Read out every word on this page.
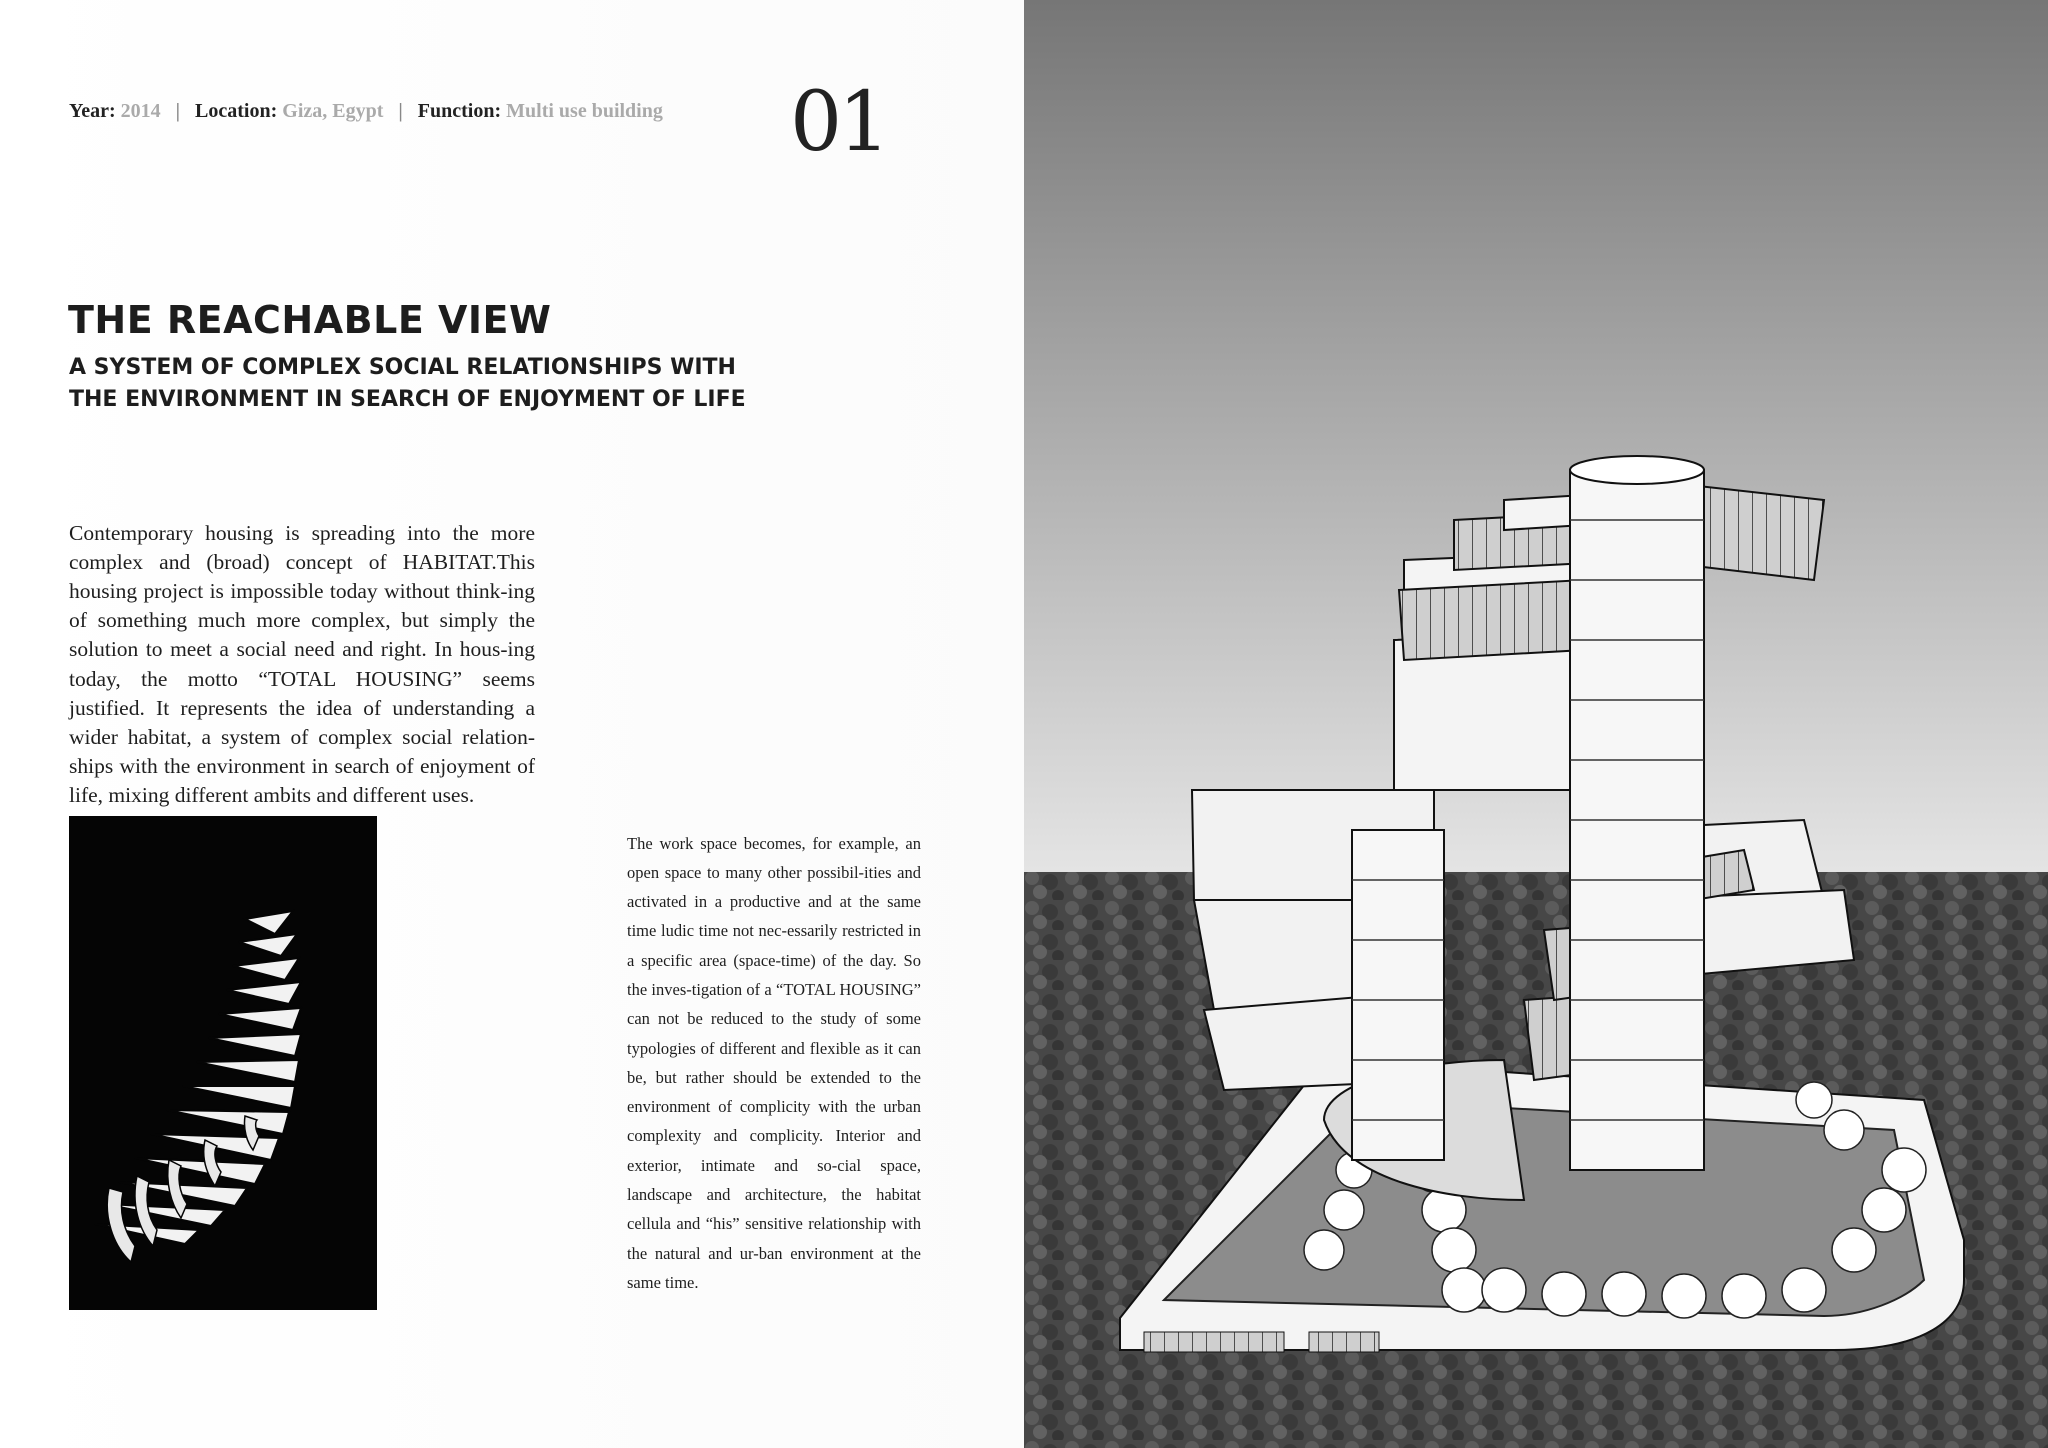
Year: 2014 | Location: Giza, Egypt | Function: Multi use building 01
THE REACHABLE VIEW
A SYSTEM OF COMPLEX SOCIAL RELATIONSHIPS WITH THE ENVIRONMENT IN SEARCH OF ENJOYMENT OF LIFE

Contemporary housing is spreading into the more complex and (broad) concept of HABITAT.This housing project is impossible today without think-ing of something much more complex, but simply the solution to meet a social need and right. In hous-ing today, the motto “TOTAL HOUSING” seems justified. It represents the idea of understanding a wider habitat, a system of complex social relation-ships with the environment in search of enjoyment of life, mixing different ambits and different uses.

The work space becomes, for example, an open space to many other possibil-ities and activated in a productive and at the same time ludic time not nec-essarily restricted in a specific area (space-time) of the day. So the inves-tigation of a “TOTAL HOUSING” can not be reduced to the study of some typologies of different and flexible as it can be, but rather should be extended to the environment of complicity with the urban complexity and complicity. Interior and exterior, intimate and so-cial space, landscape and architecture, the habitat cellula and “his” sensitive relationship with the natural and ur-ban environment at the same time.
